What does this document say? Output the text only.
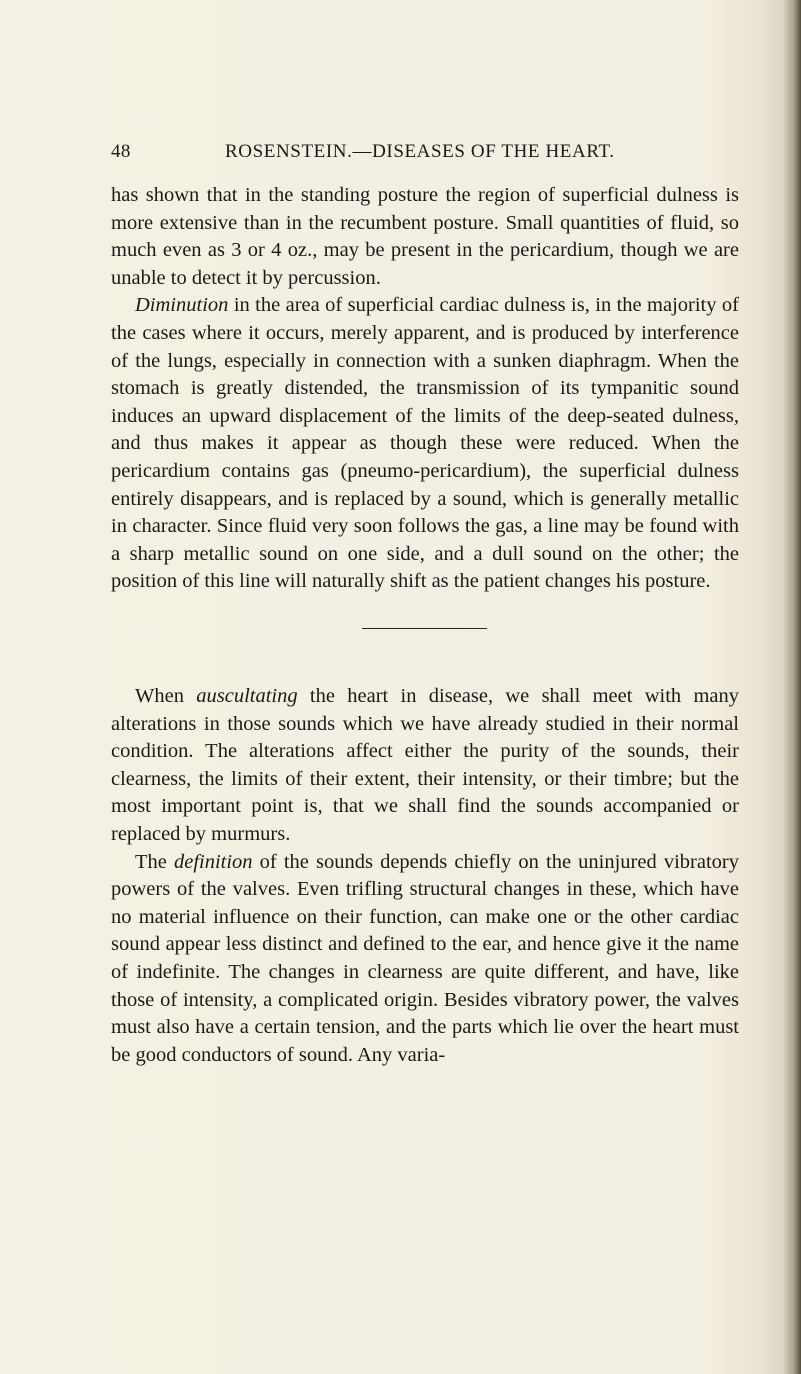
48	ROSENSTEIN.—DISEASES OF THE HEART.

has shown that in the standing posture the region of superficial dulness is more extensive than in the recumbent posture. Small quantities of fluid, so much even as 3 or 4 oz., may be present in the pericardium, though we are unable to detect it by percussion.

Diminution in the area of superficial cardiac dulness is, in the majority of the cases where it occurs, merely apparent, and is produced by interference of the lungs, especially in connection with a sunken diaphragm. When the stomach is greatly distended, the transmission of its tympanitic sound induces an upward displacement of the limits of the deep-seated dulness, and thus makes it appear as though these were reduced. When the pericardium contains gas (pneumo-pericardium), the superficial dulness entirely disappears, and is replaced by a sound, which is generally metallic in character. Since fluid very soon follows the gas, a line may be found with a sharp metallic sound on one side, and a dull sound on the other; the position of this line will naturally shift as the patient changes his posture.

When auscultating the heart in disease, we shall meet with many alterations in those sounds which we have already studied in their normal condition. The alterations affect either the purity of the sounds, their clearness, the limits of their extent, their intensity, or their timbre; but the most important point is, that we shall find the sounds accompanied or replaced by murmurs.

The definition of the sounds depends chiefly on the uninjured vibratory powers of the valves. Even trifling structural changes in these, which have no material influence on their function, can make one or the other cardiac sound appear less distinct and defined to the ear, and hence give it the name of indefinite. The changes in clearness are quite different, and have, like those of intensity, a complicated origin. Besides vibratory power, the valves must also have a certain tension, and the parts which lie over the heart must be good conductors of sound. Any varia-
